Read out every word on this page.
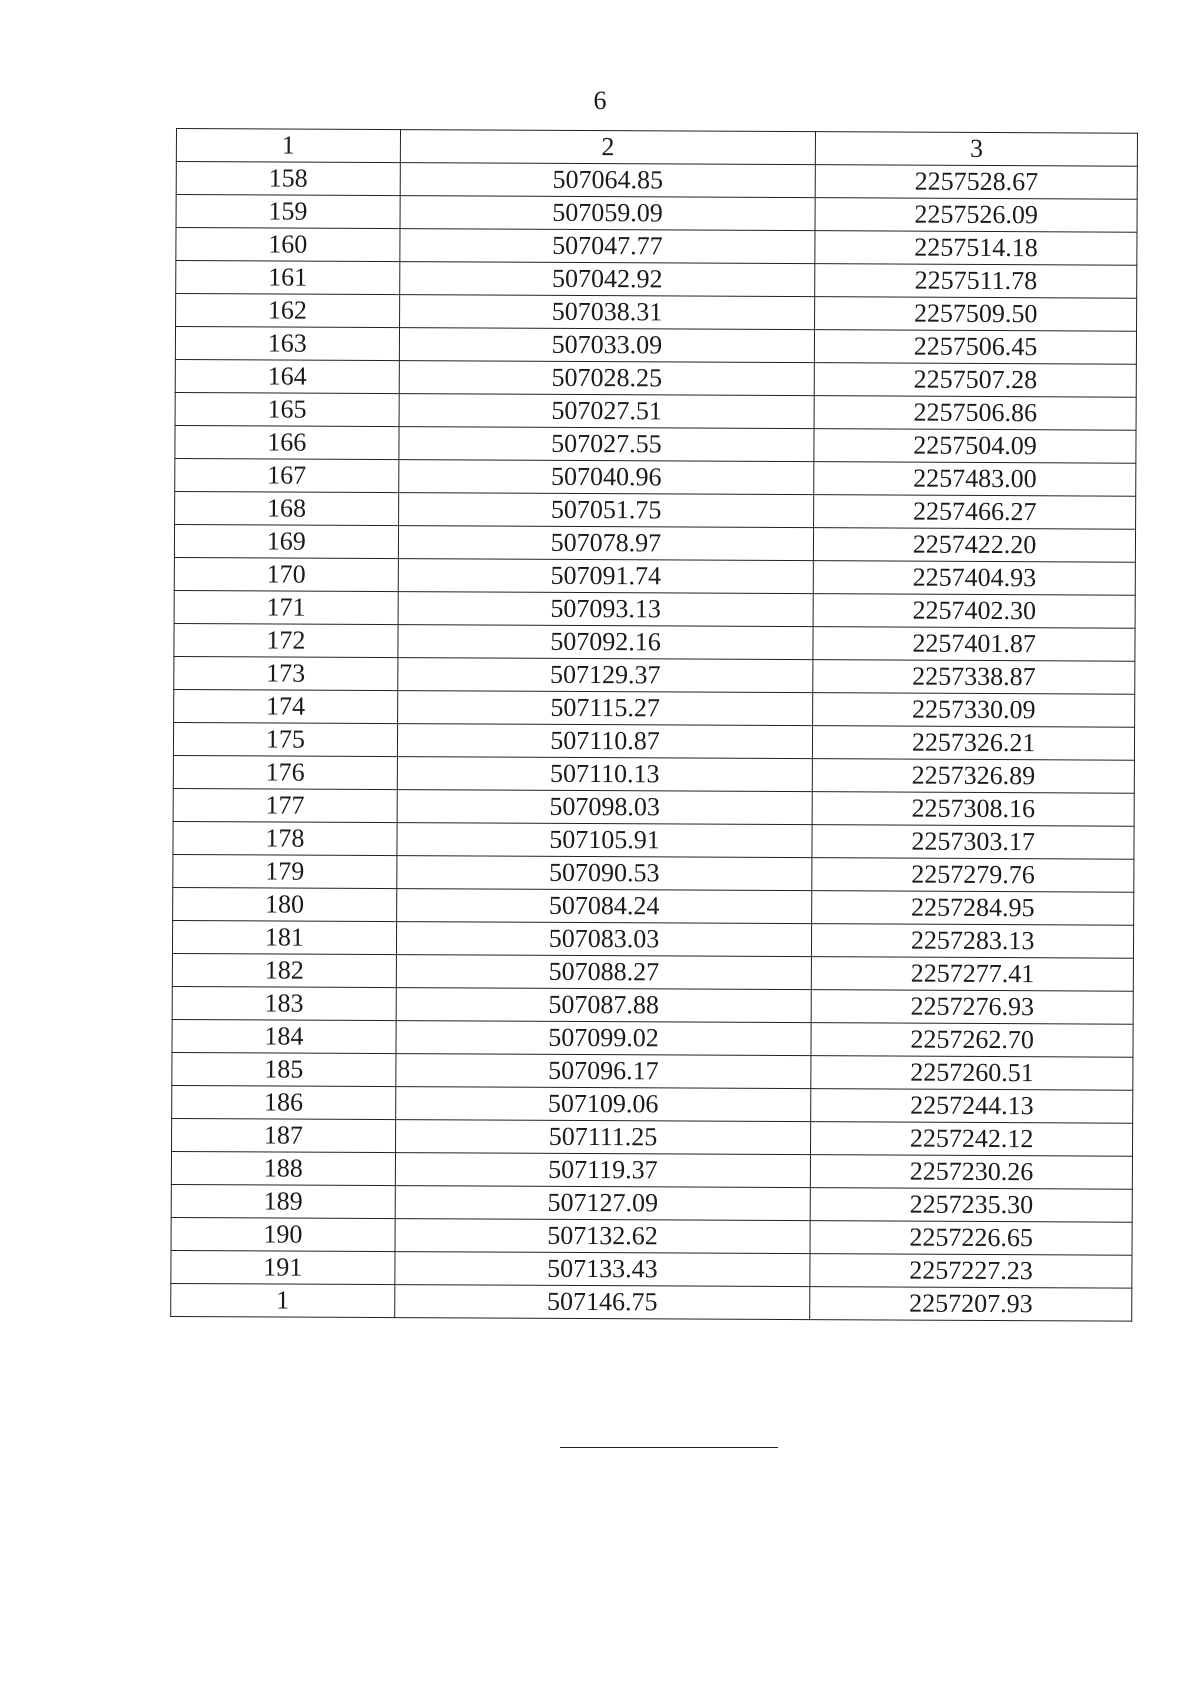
6
1	2	3
158	507064.85	2257528.67
159	507059.09	2257526.09
160	507047.77	2257514.18
161	507042.92	2257511.78
162	507038.31	2257509.50
163	507033.09	2257506.45
164	507028.25	2257507.28
165	507027.51	2257506.86
166	507027.55	2257504.09
167	507040.96	2257483.00
168	507051.75	2257466.27
169	507078.97	2257422.20
170	507091.74	2257404.93
171	507093.13	2257402.30
172	507092.16	2257401.87
173	507129.37	2257338.87
174	507115.27	2257330.09
175	507110.87	2257326.21
176	507110.13	2257326.89
177	507098.03	2257308.16
178	507105.91	2257303.17
179	507090.53	2257279.76
180	507084.24	2257284.95
181	507083.03	2257283.13
182	507088.27	2257277.41
183	507087.88	2257276.93
184	507099.02	2257262.70
185	507096.17	2257260.51
186	507109.06	2257244.13
187	507111.25	2257242.12
188	507119.37	2257230.26
189	507127.09	2257235.30
190	507132.62	2257226.65
191	507133.43	2257227.23
1	507146.75	2257207.93
